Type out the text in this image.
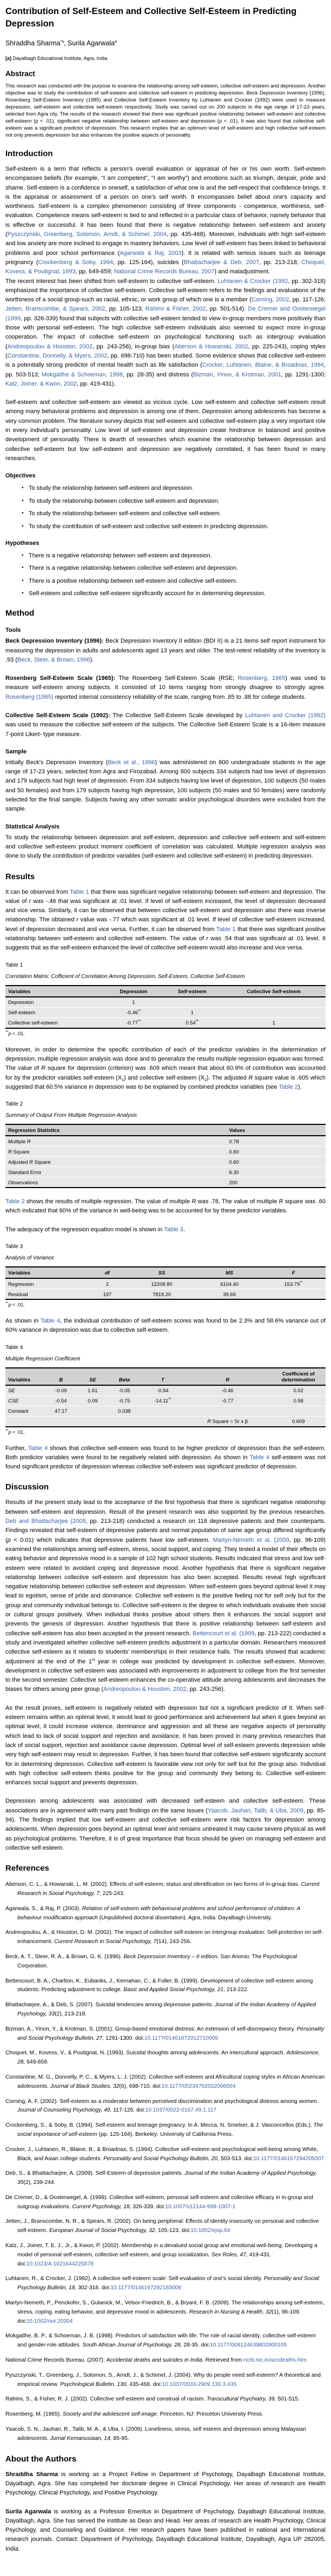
Contribution of Self-Esteem and Collective Self-Esteem in Predicting Depression
Shraddha Sharma$^{*a}$, Surila Agarwala$^a$
[a] Dayalbagh Educational Institute, Agra, India.
Abstract

This research was conducted with the purpose to examine the relationship among self-esteem, collective self-esteem and depression. Another objective was to study the contribution of self-esteem and collective self-esteem in predicting depression. Beck Depression Inventory (1996), Rosenberg Self-Esteem Inventory (1985) and Collective Self-Esteem Inventory by Luhtanen and Crocker (1992) were used to measure depression, self-esteem and collective self-esteem respectively. Study was carried out on 200 subjects in the age range of 17-23 years, selected from Agra city. The results of the research showed that there was significant positive relationship between self-esteem and collective self-esteem (p < .01), significant negative relationship between self-esteem and depression (p < .01). It was also found that collective self-esteem was a significant predictor of depression. This research implies that an optimum level of self-esteem and high collective self-esteem not only prevents depression but also enhances the positive aspects of personality.

Introduction

Self-esteem is a term that reflects a person's overall evaluation or appraisal of her or his own worth. Self-esteem encompasses beliefs (for example, “I am competent”, “I am worthy”) and emotions such as triumph, despair, pride and shame. Self-esteem is a confidence in oneself, a satisfaction of what one is and the self-respect that confidence brings. It is the appraisal or assessment of a person on one's self worth. It encompasses belief about one's capacity and worthiness. Self-esteem is a complex phenomenon consisting of three components - competence, worthiness, self-evaluation. Competence means self-esteem is tied to and reflected in a particular class of behavior, namely behavior that is effective or successful. It has been found that there is negative relationship between self-esteem and anxiety (Pyszczynski, Greenberg, Solomon, Arndt, & Schimel, 2004, pp. 435-468). Moreover, individuals with high self-esteem and low anxiety are more inclined to engage in mastery behaviors. Low level of self-esteem has been linked to behavioral problems and poor school performance (Agarwala & Raj, 2003). It is related with serious issues such as teenage pregnancy (Crockenberg & Soby, 1994, pp. 125-164), suicides (Bhattacharjee & Deb, 2007, pp. 213-218; Choquet, Kovess, & Poutignat, 1993, pp. 649-659; National Crime Records Bureau, 2007) and maladjustment.

The recent interest has been shifted from self-esteem to collective self-esteem. Luhtanen & Crocker (1992, pp. 302-318) emphasized the importance of collective self-esteem. Collective self-esteem refers to the feelings and evaluations of the worthiness of a social group-such as racial, ethnic, or work group of which one is a member (Corning, 2002, pp. 117-126; Jetten, Branscombe, & Spears, 2002, pp. 105-123; Rahimi & Fisher, 2002, pp. 501-514). De Cremer and Oosterwegel (1999, pp. 326-339) found that subjects with collective self-esteem tended to view in-group members more positively than those with personal self-esteem. The high collective self-esteem individuals also seemed to expect more in-group cooperation. The impact of collective self-esteem on psychological functioning such as intergroup evaluation (Andreopoulou & Houston, 2002, pp. 243-256), in-group bias (Aberson & Howanski, 2002, pp. 225-243), coping styles (Constantine, Donnelly, & Myers, 2002, pp. 698-710) has been studied. Some evidence shows that collective self-esteem is a potentially strong predictor of mental health such as life satisfaction (Crocker, Luhtanen, Blaine, & Broadnax, 1994, pp. 503-513; Mokgatlhe & Schoeman, 1998, pp. 28-35) and distress (Bizman, Yinon, & Krotman, 2001, pp. 1291-1300; Katz, Joiner, & Kwon, 2002, pp. 419-431).

Self-esteem and collective self-esteem are viewed as vicious cycle. Low self-esteem and collective self-esteem result among many behavioral problems and depression is among one of them. Depression among adolescents has become a very common problem. The literature survey depicts that self-esteem and collective self-esteem play a very important role in every individual's personality. Low level of self-esteem and depression create hindrance in balanced and positive development of personality. There is dearth of researches which examine the relationship between depression and collective self-esteem but low self-esteem and depression are negatively correlated, it has been found in many researches.

Objectives
• To study the relationship between self-esteem and depression.
• To study the relationship between collective self-esteem and depression.
• To study the relationship between self-esteem and collective self-esteem.
• To study the contribution of self-esteem and collective self-esteem in predicting depression.
Hypotheses
• There is a negative relationship between self-esteem and depression.
• There is a negative relationship between collective self-esteem and depression.
• There is a positive relationship between self-esteem and collective self-esteem.
• Self-esteem and collective self-esteem significantly account for in determining depression.
Method
Tools

Beck Depression Inventory (1996): Beck Depression Inventory II edition (BDI II) is a 21 items self report instrument for measuring the depression in adults and adolescents aged 13 years and older. The test-retest reliability of the inventory is .93 (Beck, Steer, & Brown, 1996).

Rosenberg Self-Esteem Scale (1965): The Rosenberg Self-Esteem Scale (RSE; Rosenberg, 1965) was used to measure self-esteem among subjects. It consisted of 10 items ranging from strongly disagree to strongly agree. Rosenberg (1965) reported internal consistency reliability of the scale, ranging from .85 to .88 for college students.

Collective Self-Esteem Scale (1992): The Collective Self-Esteem Scale developed by Luhtanen and Crocker (1992) was used to measure the collective self-esteem of the subjects. The Collective Self-Esteem Scale is a 16-item measure 7-point Likert- type measure.

Sample

Initially Beck's Depression Inventory (Beck et al., 1996) was administered on 800 undergraduate students in the age range of 17-23 years, selected from Agra and Firozabad. Among 800 subjects 334 subjects had low level of depression and 179 subjects had high level of depression. From 334 subjects having low level of depression, 100 subjects (50 males and 50 females) and from 179 subjects having high depression, 100 subjects (50 males and 50 females) were randomly selected for the final sample. Subjects having any other somatic and/or psychological disorders were excluded from the sample.

Statistical Analysis

To study the relationship between depression and self-esteem, depression and collective self-esteem and self-esteem and collective self-esteem product moment coefficient of correlation was calculated. Multiple regression analysis was done to study the contribution of predictor variables (self-esteem and collective self-esteem) in predicting depression.

Results

It can be observed from Table 1 that there was significant negative relationship between self-esteem and depression. The value of r was -.46 that was significant at .01 level. If level of self-esteem increased, the level of depression decreased and vice versa. Similarly, it can be observed that between collective self-esteem and depression also there was inverse relationship. The obtained r value was -.77 which was significant at .01 level. If level of collective self-esteem increased, level of depression decreased and vice versa. Further, it can be observed from Table 1 that there was significant positive relationship between self-esteem and collective self-esteem. The value of r was .54 that was significant at .01 level. It suggests that as the self-esteem enhanced the level of collective self-esteem would also increase and vice versa.

Table 1
Correlation Matrix: Cofficient of Correlation Among Depression, Self-Esteem, Collective Self-Esteem
Variables	Depression	Self-esteem	Collective Self-esteem
Depression	1		
Self-esteem	-0.46**	1	
Collective self-esteem	-0.77**	0.54**	1

**p < .01.

Moreover, in order to determine the specific contribution of each of the predictor variables in the determination of depression, multiple regression analysis was done and to generalize the results multiple regression equation was formed.

The value of R square for depression (criterion) was .609 which meant that about 60.9% of contribution was accounted for by the predictor variables self-esteem $(X_1)$ and collective self-esteem $(X_2)$. The adjusted R square value is .605 which suggested that 60.5% variance in depression was to be explained by combined predictor variables (see Table 2).

Table 2
Summary of Output From Multiple Regression Analysis
Regression Statistics	Values
Multiple R	0.78
R Square	0.60
Adjusted R Square	0.60
Standard Error	6.30
Observations	200

Table 2 shows the results of multiple regression. The value of multiple R was .78. The value of multiple R square was .60 which indicated that 60% of the variance in well-being was to be accounted for by these predictor variables.

The adequacy of the regression equation model is shown in Table 3.

Table 3
Analysis of Variance
Variables	df	SS	MS	F
Regression	2	12208.80	6104.40	153.79**
Residual	197	7819.20	39.69	

**p < .01.

As shown in Table 4, the individual contribution of self-esteem scores was found to be 2.3% and 58.6% variance out of 60% variance in depression was due to collective self-esteem.

Table 4
Multiple Regression Coefficient
Variables	B	SE	Beta	T	R	Coefficient of determination
SE	-0.09	1.61	-0.05	-0.94	-0.46	0.02
CSE	-0.54	0.09	-0.75	-14.11**	-0.77	0.58
Constant	47.17		0.038			
					R Square = Sr x β	0.609

**p < .01.

Further, Table 4 shows that collective self-esteem was found to be higher predictor of depression than the self-esteem. Both predictor variables were found to be negatively related with depression. As shown in Table 4 self-esteem was not found significant predictor of depression whereas collective self-esteem was significant predictor of depression.

Discussion

Results of the present study lead to the acceptance of the first hypothesis that there is significant negative relationship between self-esteem and depression. Result of the present research was also supported by the previous researches. Deb and Bhattacharjee (2009, pp. 213-218) conducted a research on 118 depressive patients and their counterparts. Findings revealed that self-esteem of depressive patients and normal population of same age group differed significantly (p < 0.01) which indicates that depressive patients have low self-esteem. Martyn-Nemeth et al. (2009, pp. 96-109) examined the relationships among self-esteem, stress, social support, and coping. They tested a model of their effects on eating behavior and depressive mood in a sample of 102 high school students. Results indicated that stress and low self-esteem were related to avoidant coping and depressive mood. Another hypothesis that there is significant negative relationship between collective self-esteem and depression has also been accepted. Results reveal high significant negative relationship between collective self-esteem and depression. When self-esteem goes beyond optimal level it may lead to egotism, sense of pride and dominance. Collective self-esteem is the positive feeling not for self only but for the group and community individual belongs to. Collective self-esteem is the degree to which individuals evaluate their social or cultural groups positively. When individual thinks positive about others then it enhances the social support and prevents the genesis of depression. Another hypothesis that there is positive relationship between self-esteem and collective self-esteem has also been accepted in the present research. Bettencourt et al. (1999, pp. 213-222) conducted a study and investigated whether collective self-esteem predicts adjustment in a particular domain. Researchers measured collective self-esteem as it relates to students' memberships in their residence halls. The results showed that academic adjustment at the end of the 1st year in college was predicted by development in collective self-esteem. Moreover, development in collective self-esteem was associated with improvements in adjustment to college from the first semester to the second semester. Collective self-esteem enhances the co-operative attitude among adolescents and decreases the biases for others among peer group (Andreopoulou & Houston, 2002, pp. 243-256).

As the result proves, self-esteem is negatively related with depression but not a significant predictor of it. When self-esteem remains within an optimal level, it would lead to good performance and achievement but when it goes beyond an optimal level, it could increase violence, dominance and aggression and all these are negative aspects of personality which lead to lack of social support and rejection and avoidance. It has been proved in many previous researches that lack of social support, rejection and avoidance cause depression. Optimal level of self-esteem prevents depression while very high self-esteem may result in depression. Further, it has been found that collective self-esteem significantly account for in determining depression. Collective self-esteem is favorable view not only for self but for the group also. Individual with high collective self-esteem thinks positive for the group and community they belong to. Collective self-esteem enhances social support and prevents depression.

Depression among adolescents was associated with decreased self-esteem and collective self-esteem. These associations are in agreement with many past findings on the same issues (Yaacob, Jauhari, Talib, & Uba, 2009, pp. 85-94). The findings implied that low self-esteem and collective self-esteem were risk factors for depression among adolescents. When depression goes beyond an optimal level and remains untreated it may cause severe physical as well as psychological problems. Therefore, it is of great importance that focus should be given on managing self-esteem and collective self-esteem.

References
Aberson, C. L., & Howanski, L. M. (2002). Effects of self-esteem, status and identification on two forms of in-group bias. Current Research in Social Psychology, 7, 225-243.
Agarwala, S., & Raj, P. (2003). Relation of self-esteem with behavioural problems and school performance of children: A behaviour modification approach (Unpublished doctoral dissertation). Agra, India: Dayalbagh University.
Andreopoulou, A., & Houston, D. M. (2002). The impact of collective self-esteem on intergroup evaluation: Self-protection on self-enhancement. Current Research in Social Psychology, 7(14), 243-256.
Beck, A. T., Steer, R. A., & Brown, G. K. (1996). Beck Depression Inventory – II edition. San Anonio: The Psychological Corporation.
Bettencourt, B. A., Charlton, K., Eubanks, J., Kernahan, C., & Fuller, B. (1999). Development of collective self-esteem among students: Predicting adjustment to college. Basic and Applied Social Psychology, 21, 213-222.
Bhattacharjee, A., & Deb, S. (2007). Suicidal tendencies among depressive patients. Journal of the Indian Academy of Applied Psychology, 33(2), 213-218.
Bizman, A., Yinon, Y., & Krotman, S. (2001). Group-based emotional distress: An extension of self-discrepancy theory. Personality and Social Psychology Bulletin, 27, 1291-1300. doi:10.1177/01461672012710005
Choquet, M., Kovess, V., & Poutignat, N. (1993). Suicidal thoughts among adolescents: An intercultural approach. Adolescence, 28, 649-659.
Constantine, M. G., Donnelly, P. C., & Myers, L. J. (2002). Collective self-esteem and Africultural coping styles in African American adolescents. Journal of Black Studies, 32(6), 698-710. doi:10.1177/00234702032006004
Corning, A. F. (2002). Self-esteem as a moderator between perceived discrimination and psychological distress among women. Journal of Counseling Psychology, 49, 117-126. doi:10.1037/0022-0167.49.1.117
Crockenberg, S., & Soby, B. (1994). Self-esteem and teenage pregnancy. In A. Mecca, N. Smelser, & J. Vasconcellos (Eds.), The social importance of self-esteem (pp. 125-164). Berkeley: University of California Press.
Crocker, J., Luhtanen, R., Blaine, B., & Broadnax, S. (1994). Collective self-esteem and psychological well-being among White, Black, and Asian college students. Personality and Social Psychology Bulletin, 20, 503-513. doi:10.1177/0146167294205007
Deb, S., & Bhattacharjee, A. (2009). Self-Esteem of depressive patients. Journal of the Indian Academy of Applied Psychology, 35(2), 239-244.
De Cremer, D., & Oosterwegel, A. (1999). Collective self-esteem, personal self-esteem and collective efficacy in in-group and outgroup evaluations. Current Psychology, 18, 326-339. doi:10.1007/s12144-999-1007-1
Jetten, J., Branscombe, N. R., & Spears, R. (2002). On being peripheral: Effects of identity insecurity on personal and collective self-esteem. European Journal of Social Psychology, 32, 105-123. doi:10.1002/ejsp.64
Katz, J., Joiner, T. E. J., Jr., & Kwon, P. (2002). Membership in a devalued social group and emotional well-being: Developing a model of personal self-esteem, collective self-esteem, and group socialization. Sex Roles, 47, 419-431. doi:10.1023/A:1021644225878
Luhtanen, R., & Crocker, J. (1992). A collective self-esteem scale: Self-evaluation of one's social identity. Personality and Social Psychology Bulletin, 18, 302-318. doi:10.1177/0146167292183006
Martyn-Nemeth, P., Penckofer, S., Gulanick, M., Velsor-Friedrich, B., & Bryant, F. B. (2009). The relationships among self-esteem, stress, coping, eating behavior, and depressive mood in adolescents. Research in Nursing & Health, 32(1), 96-109. doi:10.1002/nur.20304
Mokgatlhe, B. P., & Schoeman, J. B. (1998). Predictors of satisfaction with life: The role of racial identity, collective self-esteem and gender-role attitudes. South African Journal of Psychology, 28, 28-35. doi:10.1177/008124639802800105
National Crime Records Bureau. (2007). Accidental deaths and suicides in India. Retrieved from ncrb.nic.in/accdeaths.htm
Pyszczynski, T., Greenberg, J., Solomon, S., Arndt, J., & Schimel, J. (2004). Why do people need self-esteem? A theoretical and empirical review. Psychological Bulletin, 130, 435-468. doi:10.1037/0033-2909.130.3.435
Rahimi, S., & Fisher, R. J. (2002). Collective self-esteem and construal of racism. Transcultural Psychiatry, 39, 501-515.
Rosenberg, M. (1965). Society and the adolescent self-image. Princeton, NJ: Princeton University Press.
Yaacob, S. N., Jauhari, R., Talib, M. A., & Uba, I. (2009). Loneliness, stress, self esteem and depression among Malaysian adolescents. Jurnal Kemanusiaan, 14, 85-95.
About the Authors

Shraddha Sharma is working as a Project Fellow in Department of Psychology, Dayalbagh Educational Institute, Dayalbagh, Agra. She has completed her doctorate degree in Clinical Psychology. Her areas of research are Health Psychology, Clinical Psychology, and Positive Psychology.

Surila Agarwala is working as a Professor Emeritus in Department of Psychology, Dayalbagh Educational Institute, Dayalbagh, Agra. She has served the institute as Dean and Head. Her areas of research are Health Psychology, Clinical Psychology, and Counseling and Guidance. Her research papers have been published in national and international research journals. Contact: Department of Psychology, Dayalbagh Educational Institute, Dayalbagh, Agra UP 282005, India.
